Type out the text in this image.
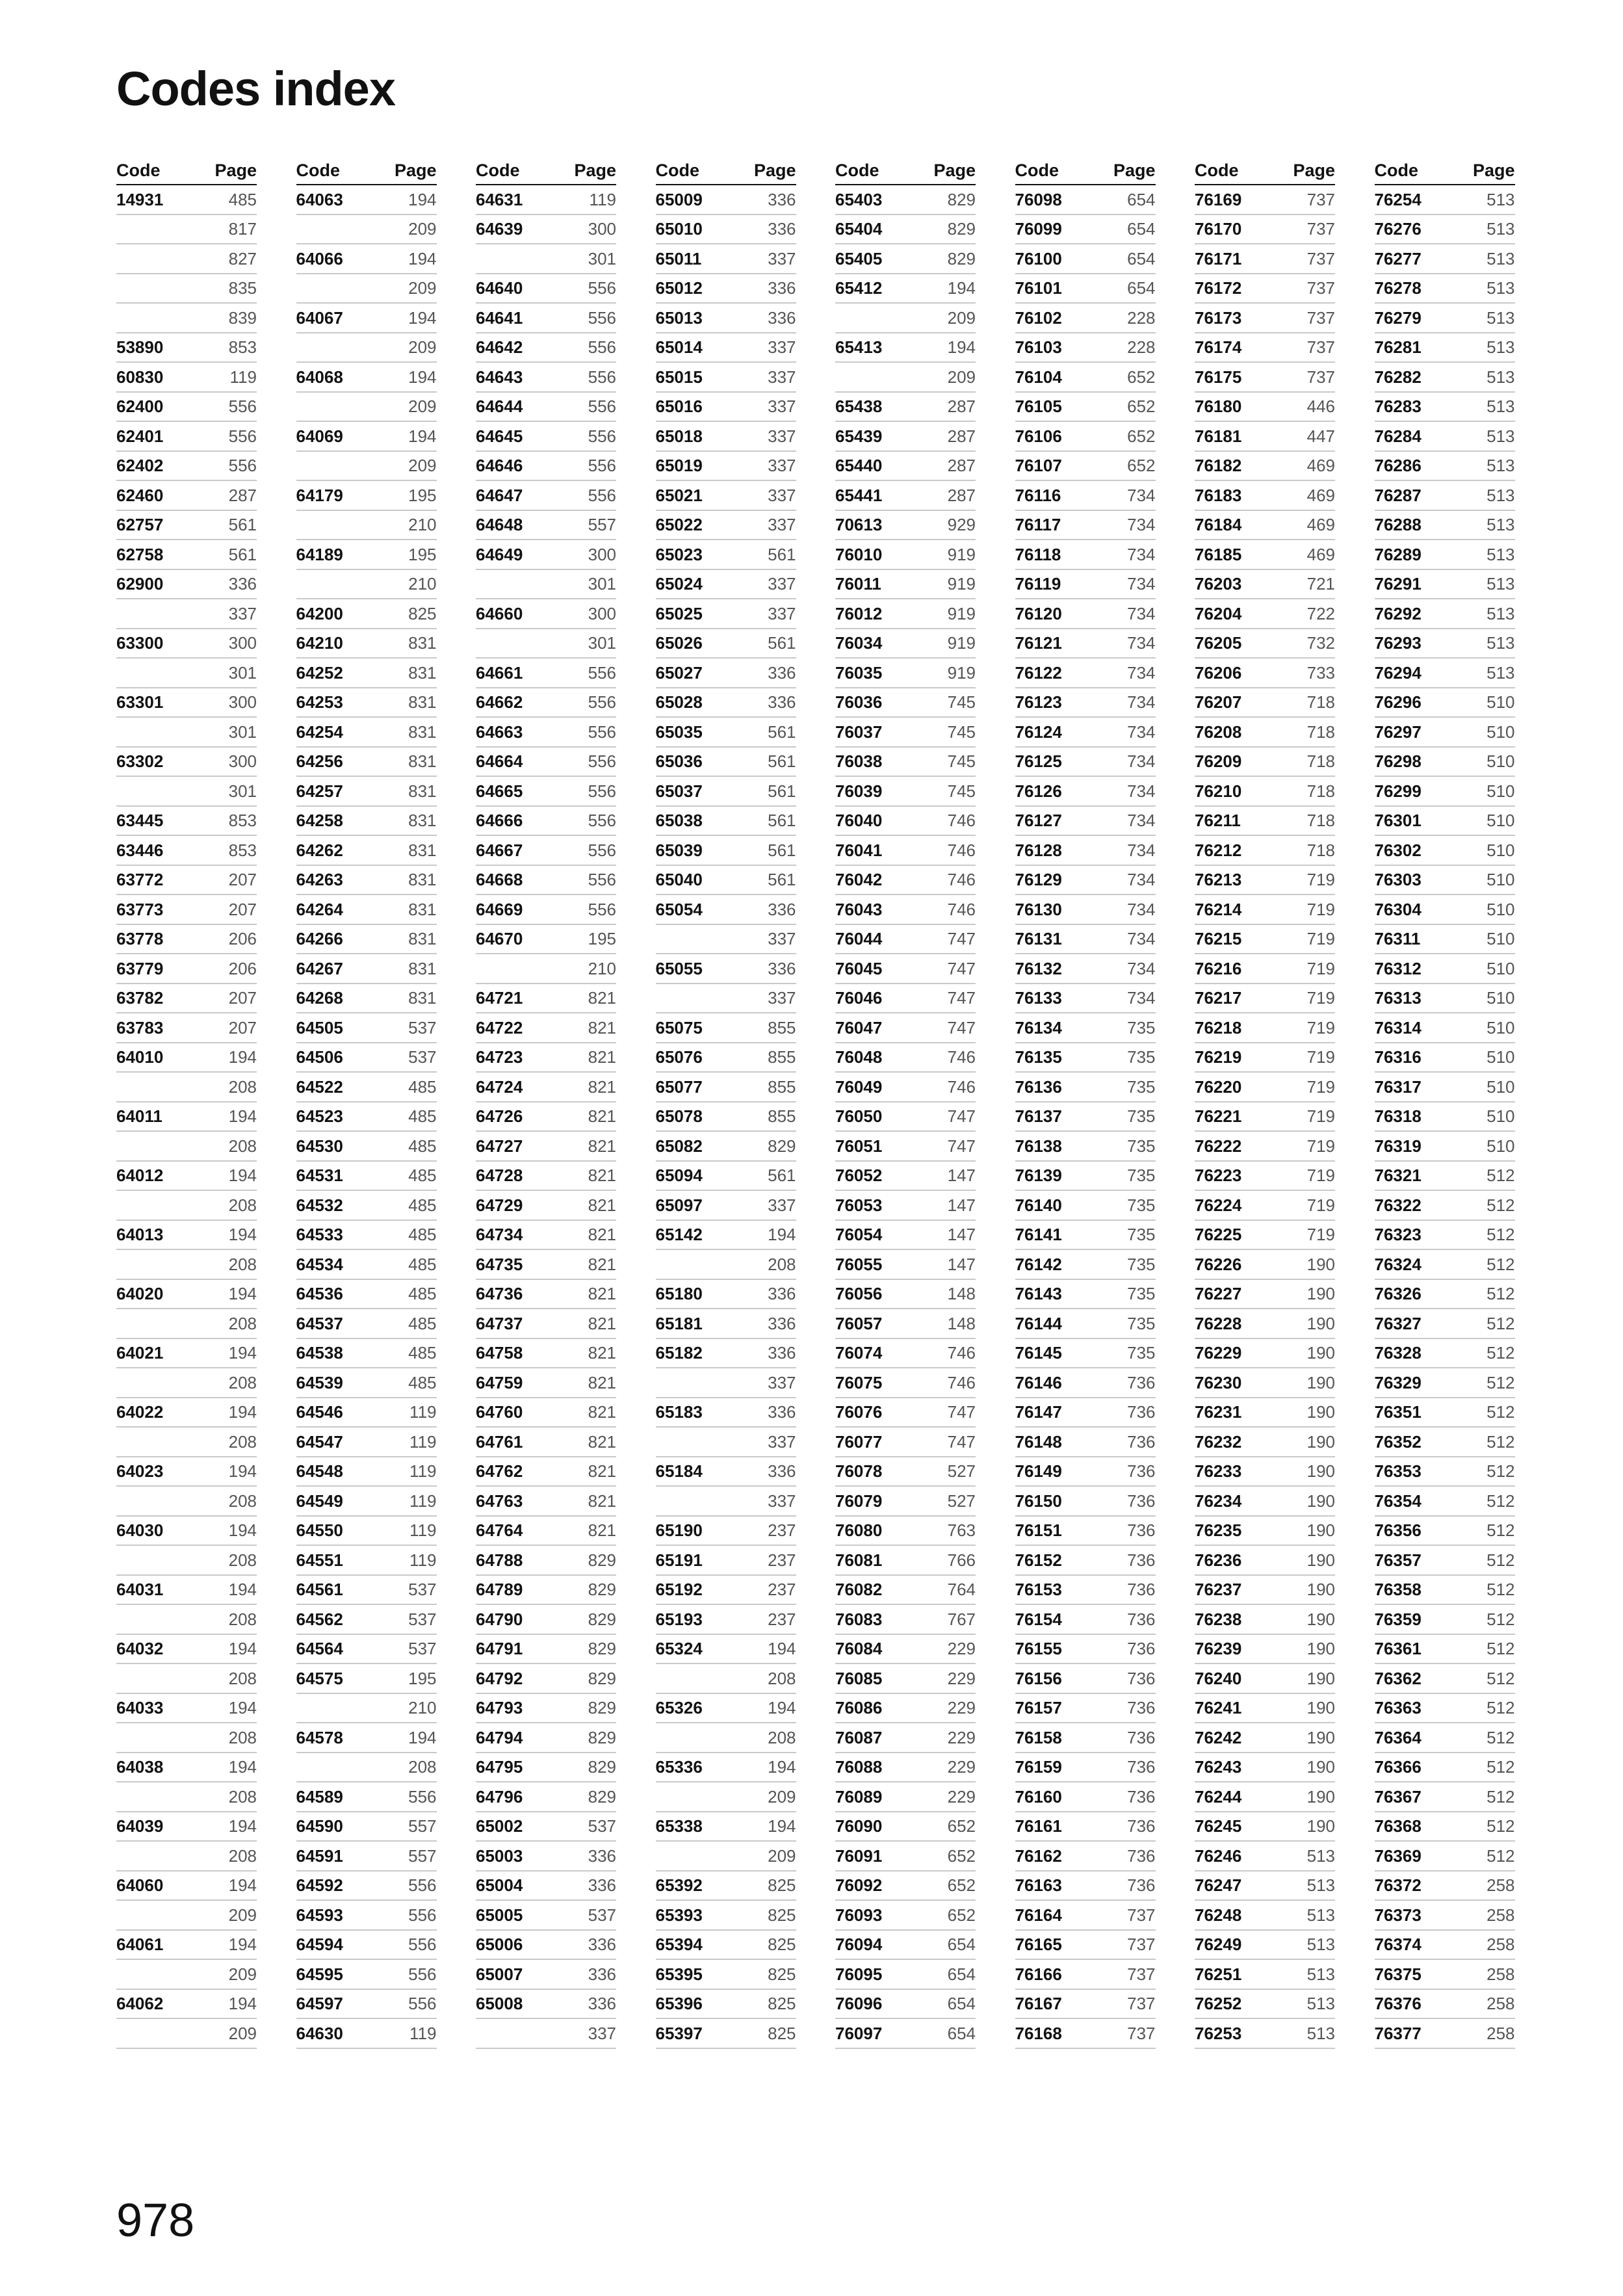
Codes index
Code	Page
14931	485
817
827
835
839
53890	853
60830	119
62400	556
62401	556
62402	556
62460	287
62757	561
62758	561
62900	336
337
63300	300
301
63301	300
301
63302	300
301
63445	853
63446	853
63772	207
63773	207
63778	206
63779	206
63782	207
63783	207
64010	194
208
64011	194
208
64012	194
208
64013	194
208
64020	194
208
64021	194
208
64022	194
208
64023	194
208
64030	194
208
64031	194
208
64032	194
208
64033	194
208
64038	194
208
64039	194
208
64060	194
209
64061	194
209
64062	194
209
Code	Page
64063	194
209
64066	194
209
64067	194
209
64068	194
209
64069	194
209
64179	195
210
64189	195
210
64200	825
64210	831
64252	831
64253	831
64254	831
64256	831
64257	831
64258	831
64262	831
64263	831
64264	831
64266	831
64267	831
64268	831
64505	537
64506	537
64522	485
64523	485
64530	485
64531	485
64532	485
64533	485
64534	485
64536	485
64537	485
64538	485
64539	485
64546	119
64547	119
64548	119
64549	119
64550	119
64551	119
64561	537
64562	537
64564	537
64575	195
210
64578	194
208
64589	556
64590	557
64591	557
64592	556
64593	556
64594	556
64595	556
64597	556
64630	119
Code	Page
64631	119
64639	300
301
64640	556
64641	556
64642	556
64643	556
64644	556
64645	556
64646	556
64647	556
64648	557
64649	300
301
64660	300
301
64661	556
64662	556
64663	556
64664	556
64665	556
64666	556
64667	556
64668	556
64669	556
64670	195
210
64721	821
64722	821
64723	821
64724	821
64726	821
64727	821
64728	821
64729	821
64734	821
64735	821
64736	821
64737	821
64758	821
64759	821
64760	821
64761	821
64762	821
64763	821
64764	821
64788	829
64789	829
64790	829
64791	829
64792	829
64793	829
64794	829
64795	829
64796	829
65002	537
65003	336
65004	336
65005	537
65006	336
65007	336
65008	336
337
Code	Page
65009	336
65010	336
65011	337
65012	336
65013	336
65014	337
65015	337
65016	337
65018	337
65019	337
65021	337
65022	337
65023	561
65024	337
65025	337
65026	561
65027	336
65028	336
65035	561
65036	561
65037	561
65038	561
65039	561
65040	561
65054	336
337
65055	336
337
65075	855
65076	855
65077	855
65078	855
65082	829
65094	561
65097	337
65142	194
208
65180	336
65181	336
65182	336
337
65183	336
337
65184	336
337
65190	237
65191	237
65192	237
65193	237
65324	194
208
65326	194
208
65336	194
209
65338	194
209
65392	825
65393	825
65394	825
65395	825
65396	825
65397	825
Code	Page
65403	829
65404	829
65405	829
65412	194
209
65413	194
209
65438	287
65439	287
65440	287
65441	287
70613	929
76010	919
76011	919
76012	919
76034	919
76035	919
76036	745
76037	745
76038	745
76039	745
76040	746
76041	746
76042	746
76043	746
76044	747
76045	747
76046	747
76047	747
76048	746
76049	746
76050	747
76051	747
76052	147
76053	147
76054	147
76055	147
76056	148
76057	148
76074	746
76075	746
76076	747
76077	747
76078	527
76079	527
76080	763
76081	766
76082	764
76083	767
76084	229
76085	229
76086	229
76087	229
76088	229
76089	229
76090	652
76091	652
76092	652
76093	652
76094	654
76095	654
76096	654
76097	654
Code	Page
76098	654
76099	654
76100	654
76101	654
76102	228
76103	228
76104	652
76105	652
76106	652
76107	652
76116	734
76117	734
76118	734
76119	734
76120	734
76121	734
76122	734
76123	734
76124	734
76125	734
76126	734
76127	734
76128	734
76129	734
76130	734
76131	734
76132	734
76133	734
76134	735
76135	735
76136	735
76137	735
76138	735
76139	735
76140	735
76141	735
76142	735
76143	735
76144	735
76145	735
76146	736
76147	736
76148	736
76149	736
76150	736
76151	736
76152	736
76153	736
76154	736
76155	736
76156	736
76157	736
76158	736
76159	736
76160	736
76161	736
76162	736
76163	736
76164	737
76165	737
76166	737
76167	737
76168	737
Code	Page
76169	737
76170	737
76171	737
76172	737
76173	737
76174	737
76175	737
76180	446
76181	447
76182	469
76183	469
76184	469
76185	469
76203	721
76204	722
76205	732
76206	733
76207	718
76208	718
76209	718
76210	718
76211	718
76212	718
76213	719
76214	719
76215	719
76216	719
76217	719
76218	719
76219	719
76220	719
76221	719
76222	719
76223	719
76224	719
76225	719
76226	190
76227	190
76228	190
76229	190
76230	190
76231	190
76232	190
76233	190
76234	190
76235	190
76236	190
76237	190
76238	190
76239	190
76240	190
76241	190
76242	190
76243	190
76244	190
76245	190
76246	513
76247	513
76248	513
76249	513
76251	513
76252	513
76253	513
Code	Page
76254	513
76276	513
76277	513
76278	513
76279	513
76281	513
76282	513
76283	513
76284	513
76286	513
76287	513
76288	513
76289	513
76291	513
76292	513
76293	513
76294	513
76296	510
76297	510
76298	510
76299	510
76301	510
76302	510
76303	510
76304	510
76311	510
76312	510
76313	510
76314	510
76316	510
76317	510
76318	510
76319	510
76321	512
76322	512
76323	512
76324	512
76326	512
76327	512
76328	512
76329	512
76351	512
76352	512
76353	512
76354	512
76356	512
76357	512
76358	512
76359	512
76361	512
76362	512
76363	512
76364	512
76366	512
76367	512
76368	512
76369	512
76372	258
76373	258
76374	258
76375	258
76376	258
76377	258
978
